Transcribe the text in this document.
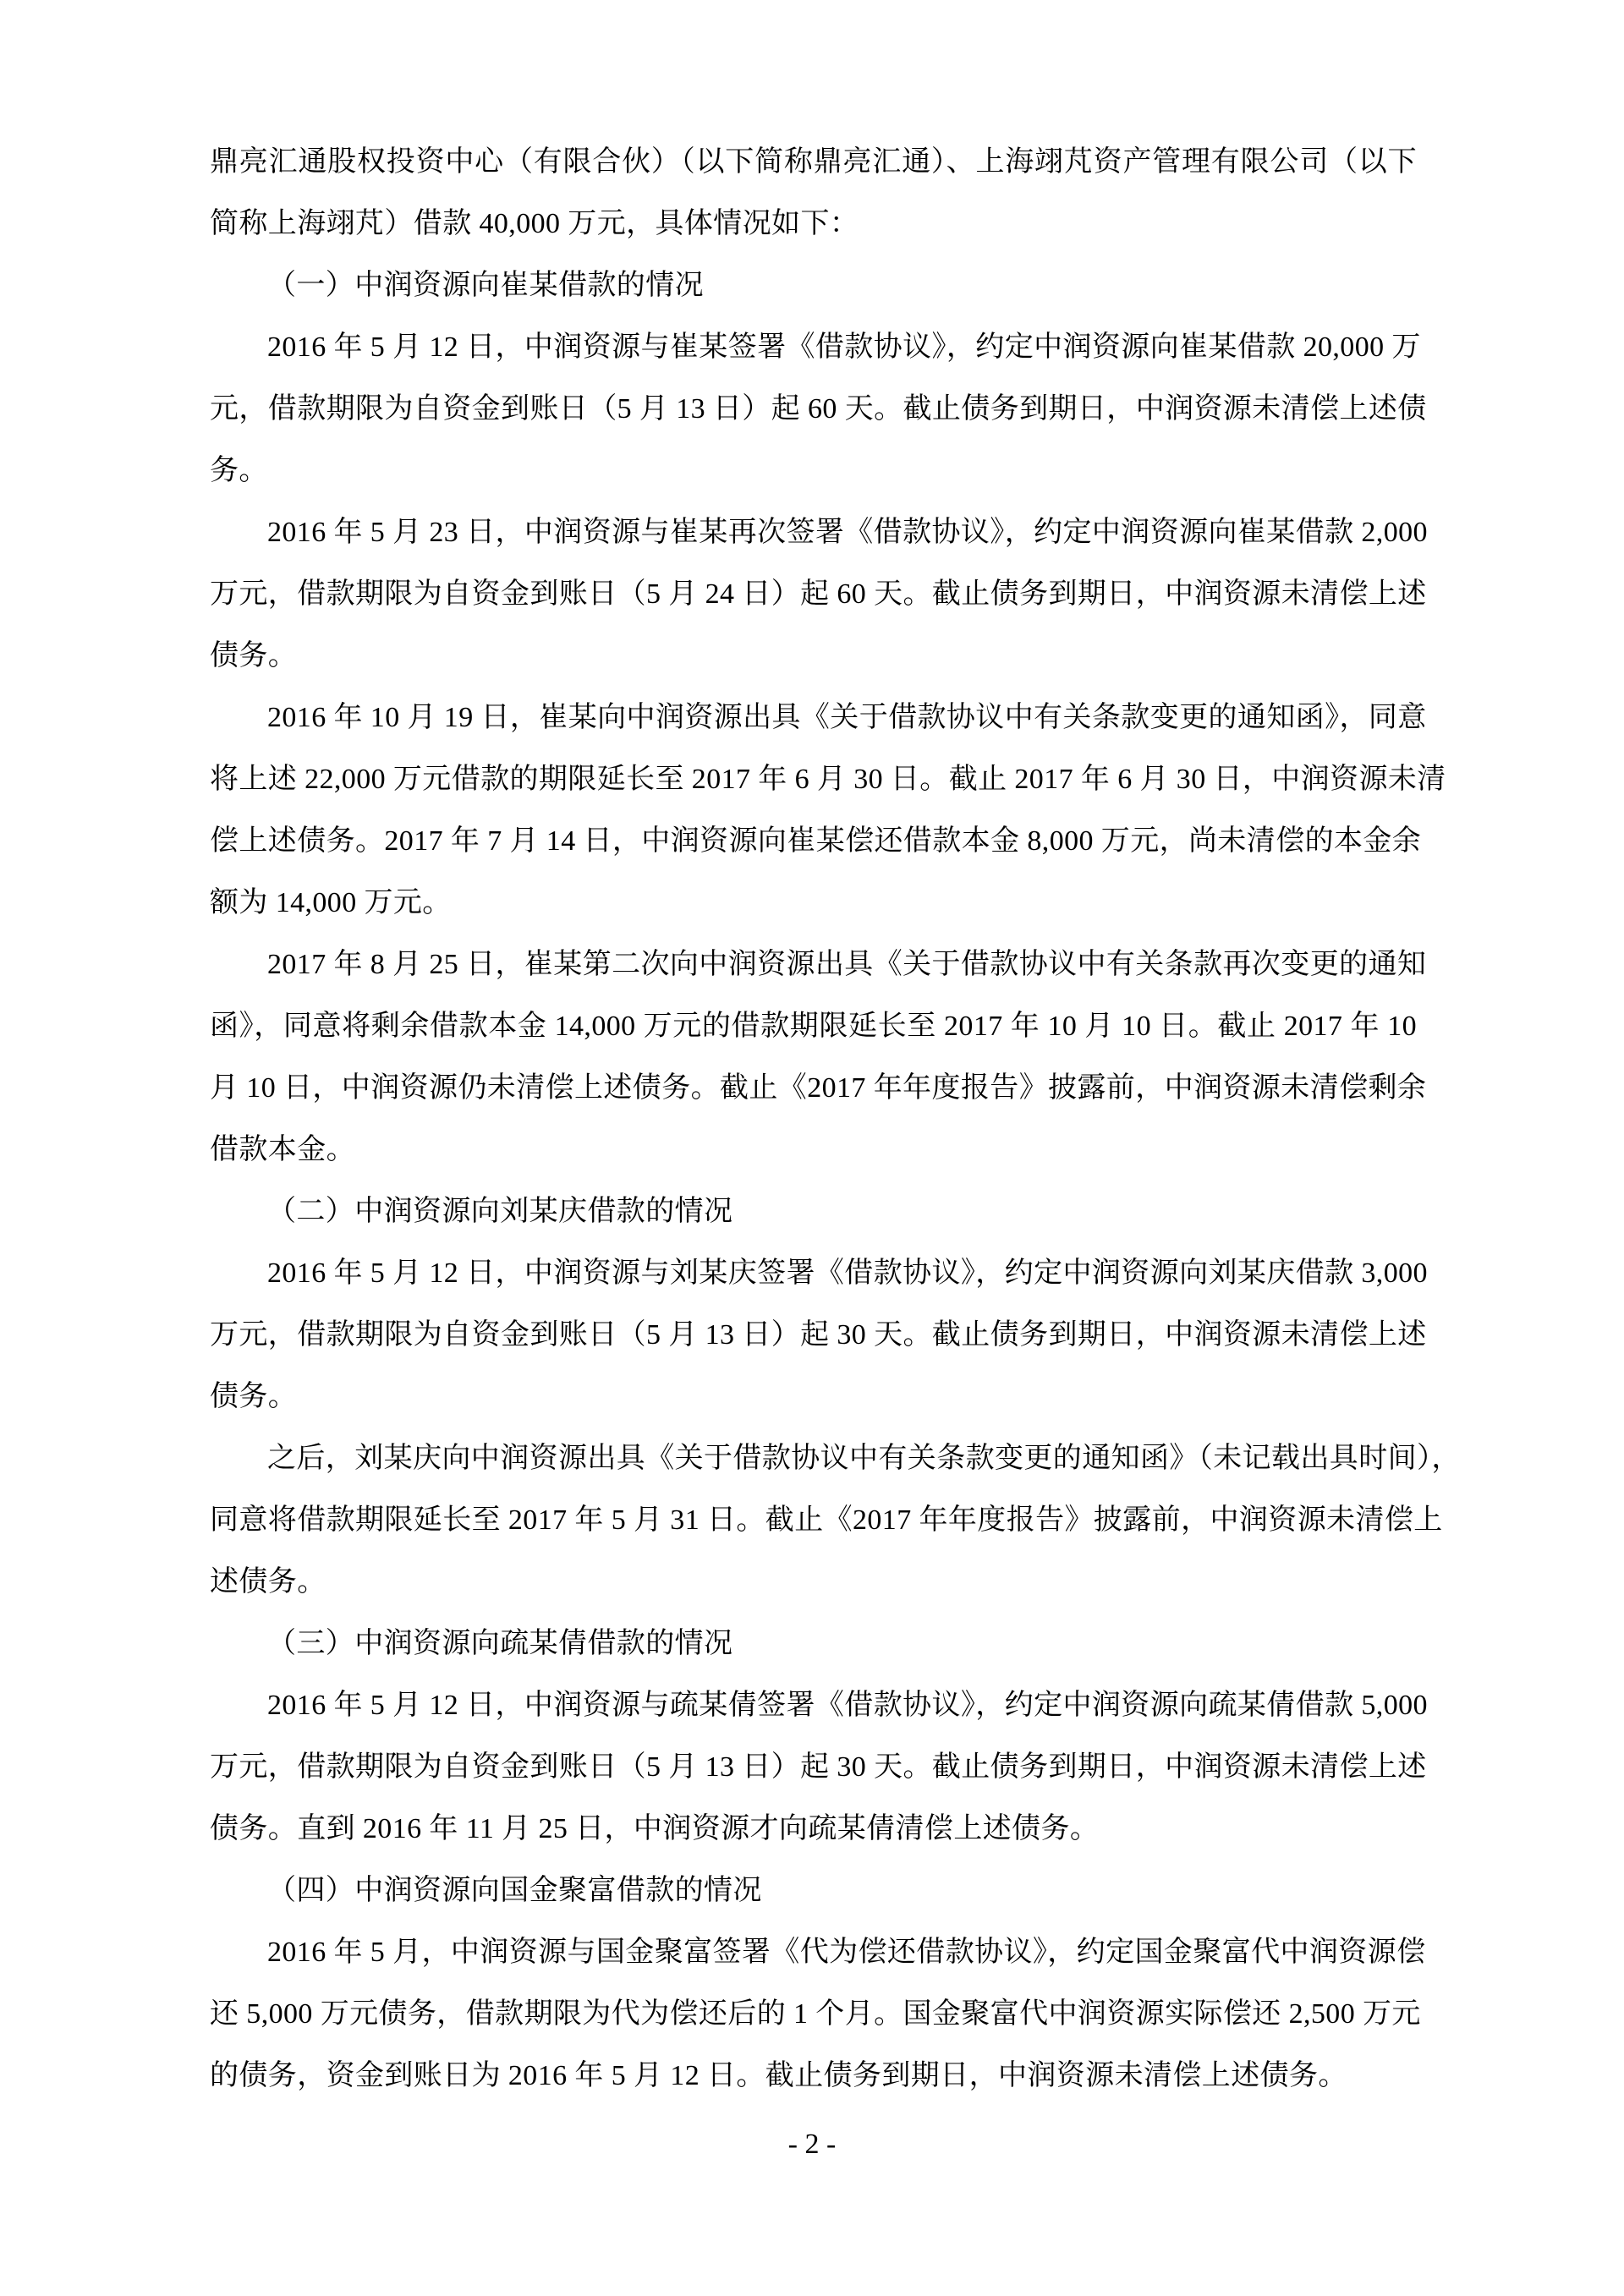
鼎亮汇通股权投资中心（有限合伙）（以下简称鼎亮汇通）、上海翊芃资产管理有限公司（以下
简称上海翊芃）借款 40,000 万元，具体情况如下：
（一）中润资源向崔某借款的情况
2016 年 5 月 12 日，中润资源与崔某签署《借款协议》，约定中润资源向崔某借款 20,000 万
元，借款期限为自资金到账日（5 月 13 日）起 60 天。截止债务到期日，中润资源未清偿上述债
务。
2016 年 5 月 23 日，中润资源与崔某再次签署《借款协议》，约定中润资源向崔某借款 2,000
万元，借款期限为自资金到账日（5 月 24 日）起 60 天。截止债务到期日，中润资源未清偿上述
债务。
2016 年 10 月 19 日，崔某向中润资源出具《关于借款协议中有关条款变更的通知函》，同意
将上述 22,000 万元借款的期限延长至 2017 年 6 月 30 日。截止 2017 年 6 月 30 日，中润资源未清
偿上述债务。2017 年 7 月 14 日，中润资源向崔某偿还借款本金 8,000 万元，尚未清偿的本金余
额为 14,000 万元。
2017 年 8 月 25 日，崔某第二次向中润资源出具《关于借款协议中有关条款再次变更的通知
函》，同意将剩余借款本金 14,000 万元的借款期限延长至 2017 年 10 月 10 日。截止 2017 年 10
月 10 日，中润资源仍未清偿上述债务。截止《2017 年年度报告》披露前，中润资源未清偿剩余
借款本金。
（二）中润资源向刘某庆借款的情况
2016 年 5 月 12 日，中润资源与刘某庆签署《借款协议》，约定中润资源向刘某庆借款 3,000
万元，借款期限为自资金到账日（5 月 13 日）起 30 天。截止债务到期日，中润资源未清偿上述
债务。
之后，刘某庆向中润资源出具《关于借款协议中有关条款变更的通知函》（未记载出具时间），
同意将借款期限延长至 2017 年 5 月 31 日。截止《2017 年年度报告》披露前，中润资源未清偿上
述债务。
（三）中润资源向疏某倩借款的情况
2016 年 5 月 12 日，中润资源与疏某倩签署《借款协议》，约定中润资源向疏某倩借款 5,000
万元，借款期限为自资金到账日（5 月 13 日）起 30 天。截止债务到期日，中润资源未清偿上述
债务。直到 2016 年 11 月 25 日，中润资源才向疏某倩清偿上述债务。
（四）中润资源向国金聚富借款的情况
2016 年 5 月，中润资源与国金聚富签署《代为偿还借款协议》，约定国金聚富代中润资源偿
还 5,000 万元债务，借款期限为代为偿还后的 1 个月。国金聚富代中润资源实际偿还 2,500 万元
的债务，资金到账日为 2016 年 5 月 12 日。截止债务到期日，中润资源未清偿上述债务。
- 2 -
